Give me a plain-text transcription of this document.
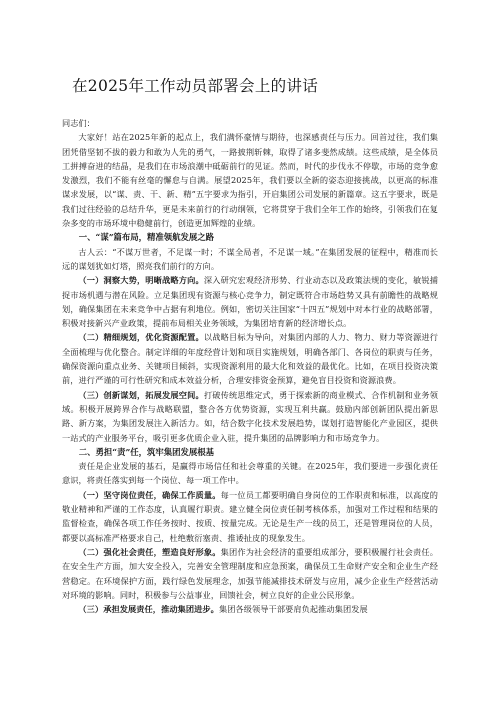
在2025年工作动员部署会上的讲话

同志们：

大家好！站在2025年新的起点上，我们满怀豪情与期待，也深感责任与压力。回首过往，我们集团凭借坚韧不拔的毅力和敢为人先的勇气，一路披荆斩棘，取得了诸多斐然成绩。这些成绩，是全体员工拼搏奋进的结晶，是我们在市场浪潮中砥砺前行的见证。然而，时代的步伐永不停歇，市场的竞争愈发激烈，我们不能有丝毫的懈怠与自满。展望2025年，我们要以全新的姿态迎接挑战，以更高的标准谋求发展，以“谋、责、干、新、精”五字要求为指引，开启集团公司发展的新篇章。这五字要求，既是我们过往经验的总结升华，更是未来前行的行动纲领，它将贯穿于我们全年工作的始终，引领我们在复杂多变的市场环境中稳健前行，创造更加辉煌的业绩。

一、“谋”篇布局，精准领航发展之路

古人云：“不谋万世者，不足谋一时；不谋全局者，不足谋一域。”在集团发展的征程中，精准而长远的谋划犹如灯塔，照亮我们前行的方向。

（一）洞察大势，明晰战略方向。深入研究宏观经济形势、行业动态以及政策法规的变化，敏锐捕捉市场机遇与潜在风险。立足集团现有资源与核心竞争力，制定既符合市场趋势又具有前瞻性的战略规划，确保集团在未来竞争中占据有利地位。例如，密切关注国家“十四五”规划中对本行业的战略部署，积极对接新兴产业政策，提前布局相关业务领域，为集团培育新的经济增长点。

（二）精细规划，优化资源配置。以战略目标为导向，对集团内部的人力、物力、财力等资源进行全面梳理与优化整合。制定详细的年度经营计划和项目实施规划，明确各部门、各岗位的职责与任务，确保资源向重点业务、关键项目倾斜，实现资源利用的最大化和效益的最优化。比如，在项目投资决策前，进行严谨的可行性研究和成本效益分析，合理安排资金预算，避免盲目投资和资源浪费。

（三）创新谋划，拓展发展空间。打破传统思维定式，勇于探索新的商业模式、合作机制和业务领域。积极开展跨界合作与战略联盟，整合各方优势资源，实现互利共赢。鼓励内部创新团队提出新思路、新方案，为集团发展注入新活力。如，结合数字化技术发展趋势，谋划打造智能化产业园区，提供一站式的产业服务平台，吸引更多优质企业入驻，提升集团的品牌影响力和市场竞争力。

二、勇担“责”任，筑牢集团发展根基

责任是企业发展的基石，是赢得市场信任和社会尊重的关键。在2025年，我们要进一步强化责任意识，将责任落实到每一个岗位、每一项工作中。

（一）坚守岗位责任，确保工作质量。每一位员工都要明确自身岗位的工作职责和标准，以高度的敬业精神和严谨的工作态度，认真履行职责。建立健全岗位责任制考核体系，加强对工作过程和结果的监督检查，确保各项工作任务按时、按质、按量完成。无论是生产一线的员工，还是管理岗位的人员，都要以高标准严格要求自己，杜绝敷衍塞责、推诿扯皮的现象发生。

（二）强化社会责任，塑造良好形象。集团作为社会经济的重要组成部分，要积极履行社会责任。在安全生产方面，加大安全投入，完善安全管理制度和应急预案，确保员工生命财产安全和企业生产经营稳定。在环境保护方面，践行绿色发展理念，加强节能减排技术研发与应用，减少企业生产经营活动对环境的影响。同时，积极参与公益事业，回馈社会，树立良好的企业公民形象。

（三）承担发展责任，推动集团进步。集团各级领导干部要肩负起推动集团发展
